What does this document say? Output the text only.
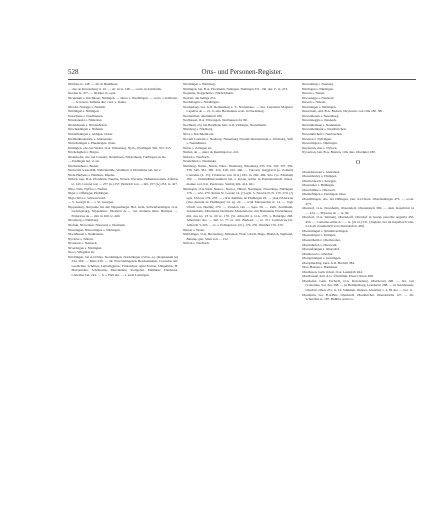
528	Orts- und Personen-Register.

Nimfaus tz. 148. — dit. in Burkhuon.

— dez. in Ravensburg tz. 16. — ert. in tz. 148. — scola. in Zeitafsilio.

Nordau tz. 477. — Nidulst. K. opia.

Nicentium s. Kirchhaus, Nirtingen. — shoro s. Wachlingen. — scola. s. Kimbour. — Je navero Tullians duz. card. s. Roma.

Nitachi, Nölsgge s. Nedenh.

Nöblingen s. Nülingen.

Nasachene s. Nordhausen.

Nörenanesla s. Nüderstet.

Nödenhouen s. Nördenhofen.

Nöscheklingen s. Nöheim.

Nöntelinlingen s. Aldigen, Ostrer.

Nödmanhouiessile s. Anlenanaie.

Nörtelislingen s. Pluenirigen, Oster.

Nöllingen, obs. bei Weiler, O.A. Weinsberg, Nyrb., Nydlingen 302. 353. 315.

Nöchelsgheit s. Bregss.

Nöderkofer, obs. bei Canstatt, Nöderhoen, Nörderhoen, Tuttlingen an die.

— Endingen bei. st. sir.

Nördernöhen s. Boden.

Nörterrill, westerhill, Nidermerälle, Walthurn st Wernlaime tub. bei 2.

Nöde-Harbens s. Henburn, Mueler.

Nöfern, ben. D.A. Pfortheim, Nierme, Nivern, Nyverne, Hohenniwernen. Alfartas tz. 143. Conrad von — 257 (n.) 257. Heinrich von — mil. 257 (n.) 253. tz. 427.

Nibo, Nibs, Nyffos s. Nuffen.

Niger s. Offüreger, Pfullingen.

Nigra Silva s. Schwarzwald.

— S. Georgii in — s. St. Georgen.

Nippenburg, burgruine bei den Nippenburger Hof, Gem. Schwieberdingen, O.A. Ludwigsburg, Nippenburc. Dietbern de — tuz. moineta mute. Herlipol. — Fridericus de — mil. in 260. tz. 460.

Nirenberg s. Nürnberg.

Nisfrun, Nisvernon, Niswaren s. Neufrank.

Niuszingen, Nüwertingen s. Nürtingen.

Niwishouen s. Neuhausen.

Nyverne s. Nöfern.

Nivenack s. Neuneck.

Nivertingen s. Nürtingen.

Noa s. Wingdisa sir.

Nördlingen, bei A.O.Nörs. Nordelingen, Nordelingen civitas, eq. (magnusium in) 234. 269. — Mass 430. — dir. Nowrdelingensis Brackenmaistr. Conradus am; Gastlichus, Schöltes; Leibadiggutas; Friderichus; agnd Fortner. Uhlgehilas; H. Marquardus; Schribarius, Marcmanns; Stollgeber, Mahlntur; Dietherus, Cönradus bei. 224. — S. s. Hall ein. — s. auch Lauringen.

Nördlingen s. Nürnberg.

Nöttingen, bei. B.A. Pforzheim, Nelingen, Neilingen 331. 136. dez. E. tz. 473.

Nogentie, Noggehem s. Nördeicheim.

Norbert, der heilige 231.

Nordelingen s. Nördlingen.

Nordenkrey, bei. A.O. Rothenburg a. T., Nortenbere. — dos. Lispoldus Magister Capellas de — 21. 6: also Hermannus scott. in Nordeberg.

Nordernhart, unermittelt 180.

Northauen, O.A. Ellwangen, Northausen 24. 80.

Nordhein, obj. bei Berghein, hair. A.O. Zöttinger, Nortenheim.

Nürnberg s. Nürnberg.

Növe s. Kirchheim ein.

Novum Castrum s. Neuburg, Neuenburg Novum Monasterium s. Wirzburg, Stift s. Neumünster.

Nuber s. Zollegen sir.

Nuifen, de — unter de Reutlingen tz. 221.

Nufern s. Neufrach.

Neudelinen s. Neulander.

Nürnberg, Nuren., Niren., Nüre., Nirenberg, Nürenberg 235. 331. 330. 337. 339. 339. 340. 381. 396. 416. 418. 419. 460. — burcarii, burggravii (o. Zollern) Conradus (n. 15); Fridericus von 4111) 183. 2a 260. 406. Sila 1ys. Elisabeth 182. — Domndilherranimerit bei. s. Kreuz, spitler in Premonsantsch, mixes. monke. ord. frat. Predicator. Sterbig 404. 414. 461.

Nürtingen, O.A.Stadt, Nueror., Nuwer., Hüscn, Nurlingen, Nwertingo, Nürtingen 179. — ecla. 270. Petrus St. Lorenz 14. (?) egla. S. Nicolai N. N. 179. 270. (?) egla. Ulrious 179. 270. — curia dominus de Pfullingen 24. — plek Fridericus (also dearum de Pfullingen) 24. eg. 24. — scult Marquardus tz. 14. — Vogt Ulrich von Nueling 270. — Zwielen van — Sepe 50. — Zeilt. Zeitlmann, Zeitiermann, Zitleimann Declinatio Moneterioles, mit Brennantis Eiwinduuses, mil. dos ist. 23 tz. 69 tz. 170. (St. Albrecht 4. O.A. 270, s. Heinrigie 268. Albertinus dos. — mil. tz. 77. tz. 310. Burkard. — tz. 371. Ludewicus (St. Albrecht 3. 205. — tz. s. Erdingen ist. (N.). 179. 270. Wernher 179. 270.

Nüsser s. Neuer.

Nüfridinger, O.A. Herrenberg, Nüwenen, Wolf, Ulrich, Hugo, Heinrich, Sigmund, Betulus, gen. Silan von — 152.

Nufran s. Neufrach.

Nuwenbnrg s. Neuburg.

Nürtingen s. Nürtingen.

Nuwen s. Neuen.

Niwoanggo s. Neunech.

Nuwen s. Nüwen.

Nuröttingen s. Nürtingen.

Nuerchom, ond. B.A. Bretten, Nuybourn, von villa 180. 381.

Nuwenhouen s. Neuenberg.

Nuwenneggis s. Neuneck.

Nuwenhoinsen s. Neukienen.

Nuwenhemberk s. Neudörrichen.

Nuwenkirchen s. Neubrechen.

Nuwnon s. Nyfringen.

Nuwertingen s. Nürtingen.

Nuybornn, thio s. Nyborn.

Nyvernon, ben. B.A. Bretten, villa dies. Oberikler 180.

O

Obernderessen s. Andernost.

Oberenberley s. Ehringen.

Oberbotdeach s. Striegen.

Obersloher s. Hölüngen.

Oberchimbe s. Oberweit.

Oberhefingen s. Dettingen, Ober.

Oberdillingen, obs. bei Dillingen, bair. A.O.Stetz. Oberdisslingen 473. — scola. 473.

Oberdorf, O.A. Neresheim, Oberendorf, Oberendorfe 369. — dom. Kapellavir in — 224. — Myrerus de — tz. 69.

Oberdorf, O.A. Tettnang, Oberndorff, Oberdorf in bourgs parochie Argenbt 430. 456. — Conradus miles dc. — tz. (da O.) 231. (zugleist, der im Kapelbach sitzt, ist doch verumatlich von Oberndorferr 430).

Oberentingen s. Nönöhiverdingen.

Obereslingen s. Eslingen.

Oberentheim s. Oberberaner.

Oberenhofen s. Oberwahl.

Oberstelsingen s. Obersdorf.

Oberhowen s. Oberhof.

Obergröningen s. Gröningen.

Obergdlerding, kurz. A.O. Breiviti 384.

Ober-Hausen s. Hauhenen.

Oberhusen, Gem. Kössl, O.A. Leutkirch 464.

Oberhausen, hair. A.G. Übertimm, Eberer Ornos 468.

Oberhofen, Gem. Eschach, O.A. Ravensburg, Oberhoven 298. — der. von (Conradus, Sor. der. 298. — in Heiligenberg, Leutdertur 298. — in Sternhausen, Oberhof. Obers 251. tz. 16. Stimmen. Weisser, Abstetten 1. 4. 69 dos. — bei. 1r.

Oberhörin, bor. B.A.Bitz, Oberkirch, Oberkiricher, Oberekiriche 127. — dir. Scharchus tz. 187. Buhlfes sorter ts.
